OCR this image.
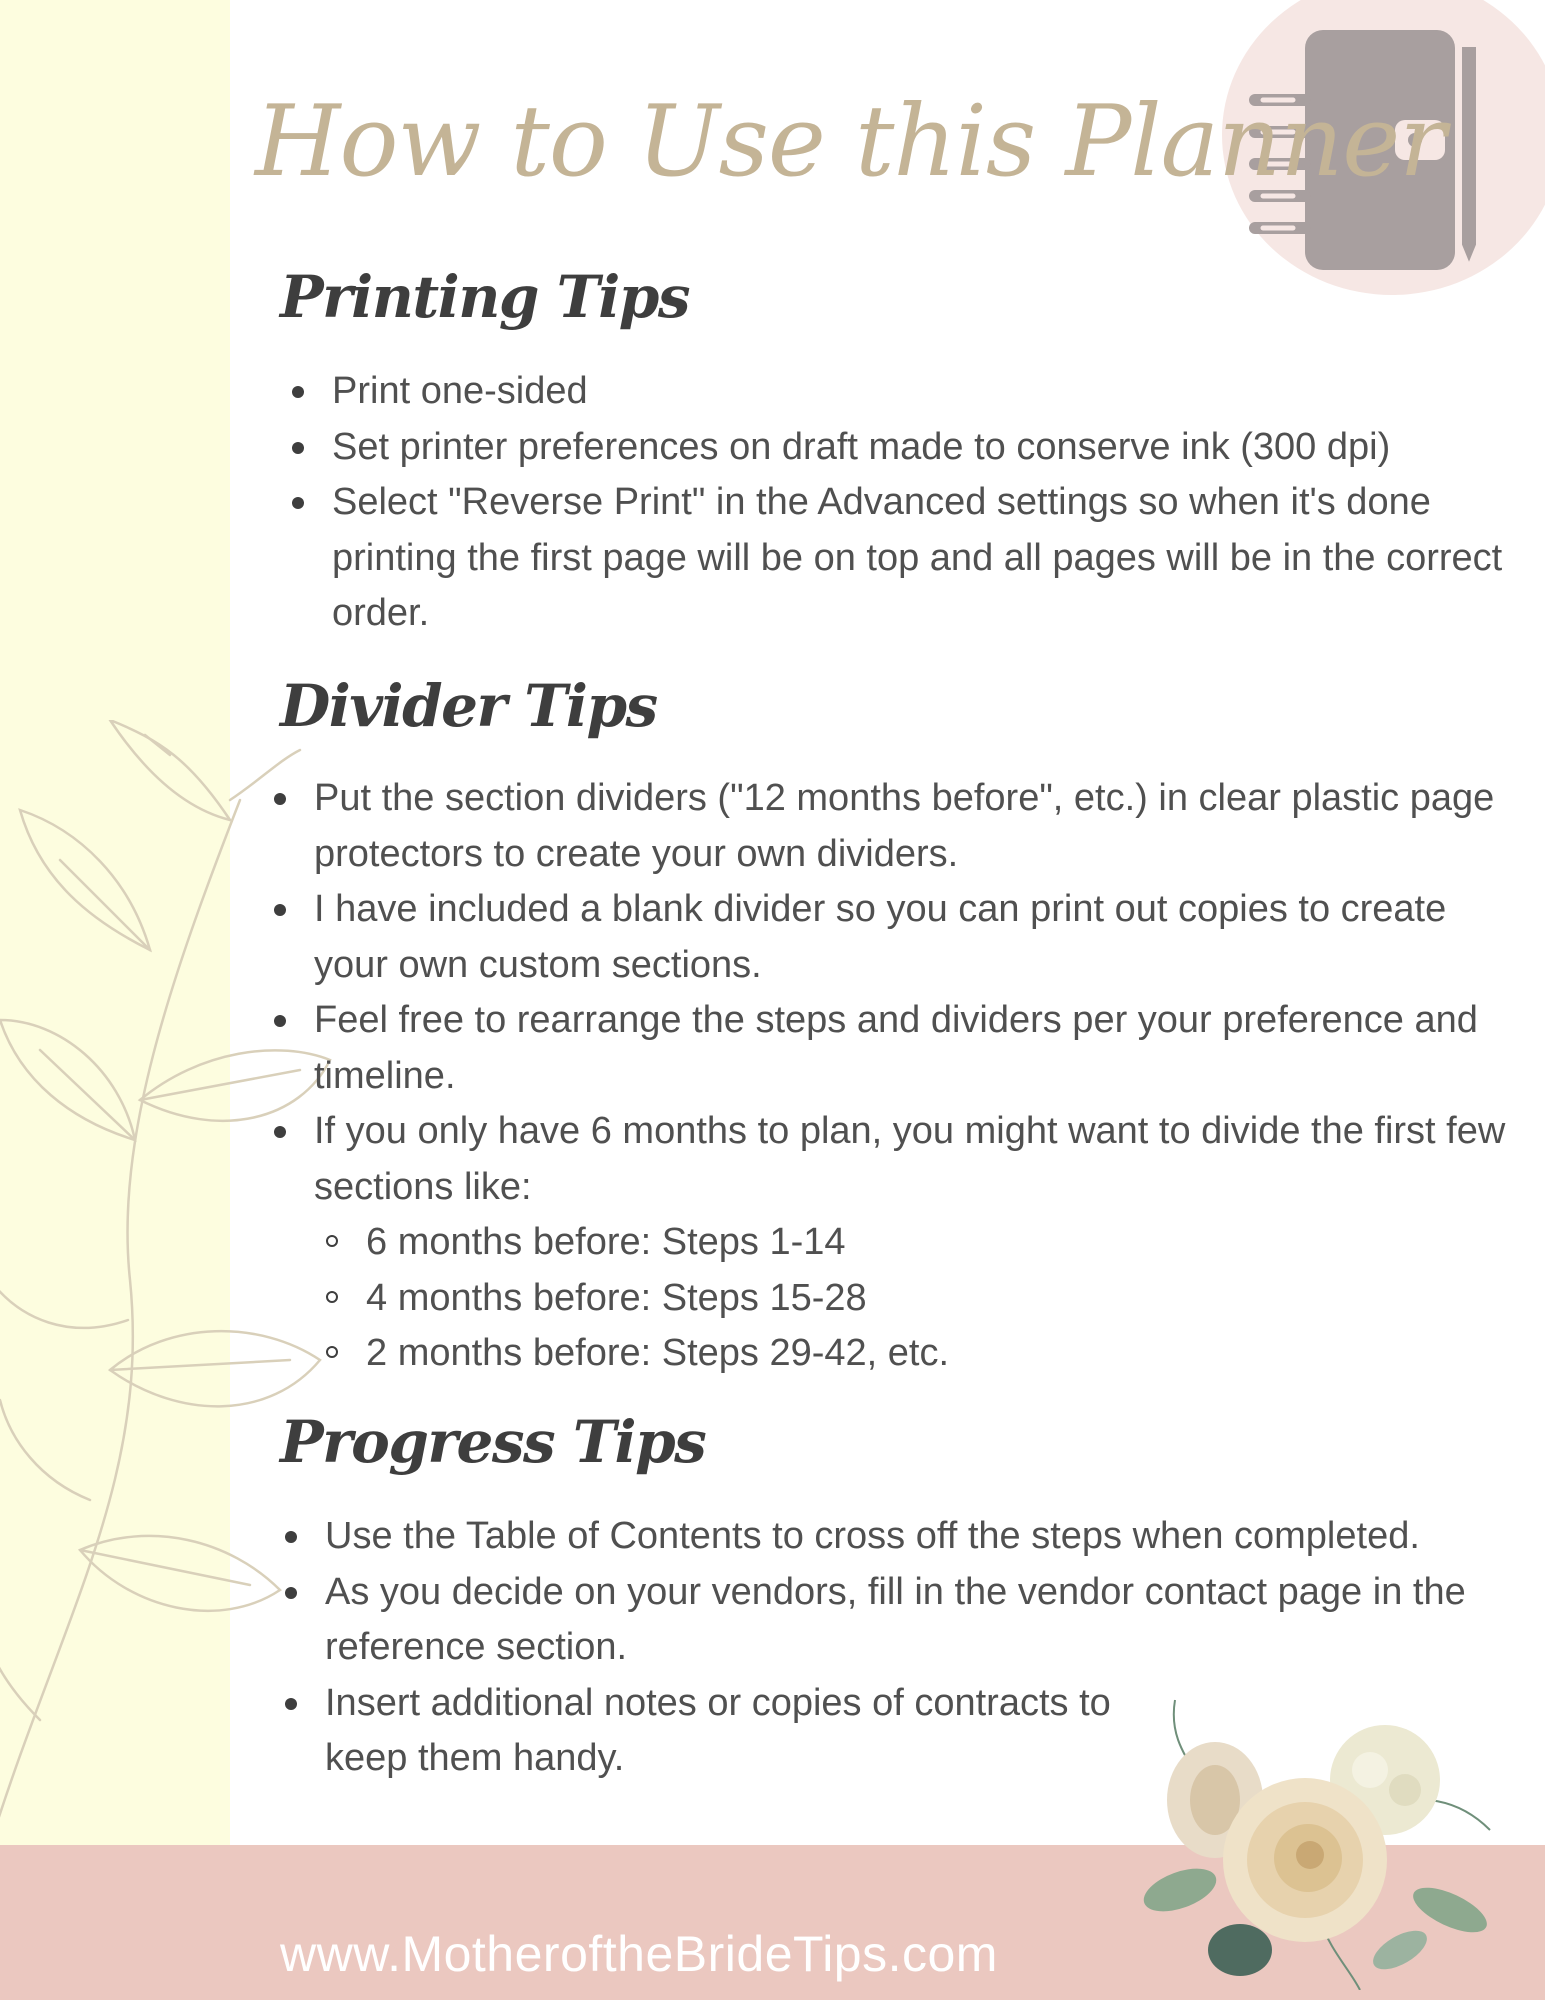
How to Use this Planner
Printing Tips
Print one-sided
Set printer preferences on draft made to conserve ink (300 dpi)
Select "Reverse Print" in the Advanced settings so when it's done printing the first page will be on top and all pages will be in the correct order.
Divider Tips
Put the section dividers ("12 months before", etc.) in clear plastic page protectors to create your own dividers.
I have included a blank divider so you can print out copies to create your own custom sections.
Feel free to rearrange the steps and dividers per your preference and timeline.
If you only have 6 months to plan, you might want to divide the first few sections like:
6 months before: Steps 1-14
4 months before: Steps 15-28
2 months before: Steps 29-42, etc.
Progress Tips
Use the Table of Contents to cross off the steps when completed.
As you decide on your vendors, fill in the vendor contact page in the reference section.
Insert additional notes or copies of contracts to keep them handy.
www.MotheroftheBrideTips.com
